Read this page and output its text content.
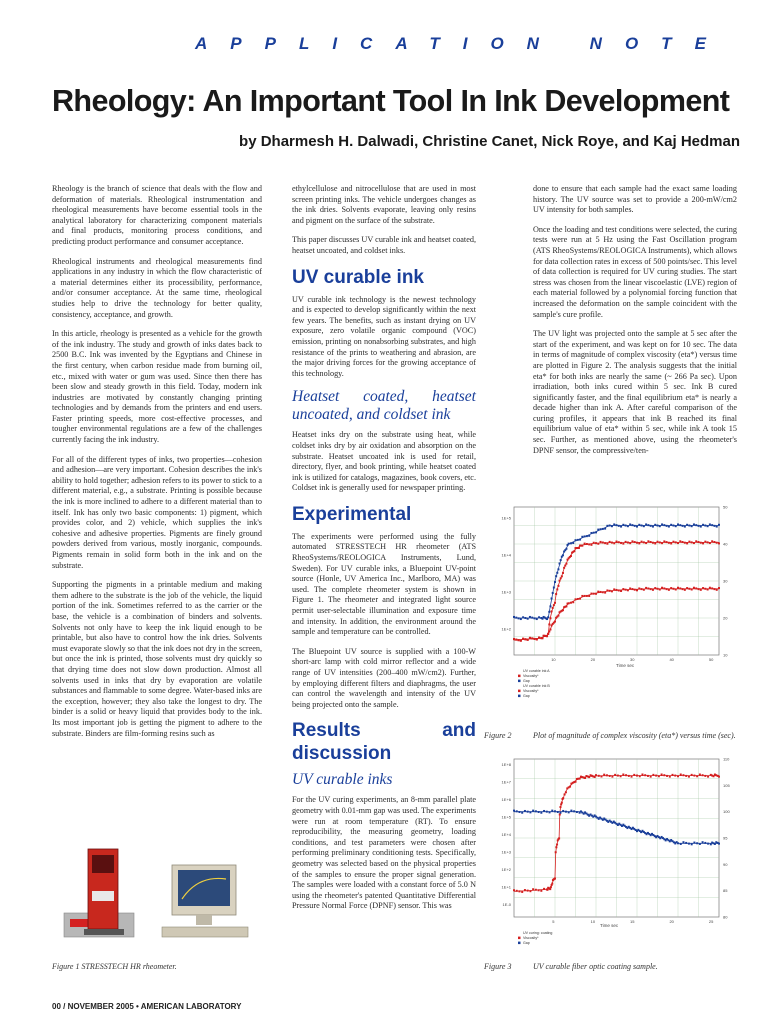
APPLICATION NOTE
Rheology: An Important Tool In Ink Development
by Dharmesh H. Dalwadi, Christine Canet, Nick Roye, and Kaj Hedman

Rheology is the branch of science that deals with the flow and deformation of materials. Rheological instrumentation and rheological measurements have become essential tools in the analytical laboratory for characterizing component materials and final products, monitoring process conditions, and predicting product performance and consumer acceptance.

Rheological instruments and rheological measurements find applications in any industry in which the flow characteristic of a material determines either its processibility, performance, and/or consumer acceptance. At the same time, rheological studies help to drive the technology for better quality, consistency, acceptance, and growth.

In this article, rheology is presented as a vehicle for the growth of the ink industry. The study and growth of inks dates back to 2500 B.C. Ink was invented by the Egyptians and Chinese in the first century, when carbon residue made from burning oil, etc., mixed with water or gum was used. Since then there has been slow and steady growth in this field. Today, modern ink industries are motivated by constantly changing printing technologies and by demands from the printers and end users. Faster printing speeds, more cost-effective processes, and tougher environmental regulations are a few of the challenges currently facing the ink industry.

For all of the different types of inks, two properties—cohesion and adhesion—are very important. Cohesion describes the ink's ability to hold together; adhesion refers to its power to stick to a different material, e.g., a substrate. Printing is possible because the ink is more inclined to adhere to a different material than to itself. Ink has only two basic components: 1) pigment, which provides color, and 2) vehicle, which supplies the ink's cohesive and adhesive properties. Pigments are finely ground powders derived from various, mostly inorganic, compounds. Pigments remain in solid form both in the ink and on the substrate.

Supporting the pigments in a printable medium and making them adhere to the substrate is the job of the vehicle, the liquid portion of the ink. Sometimes referred to as the carrier or the base, the vehicle is a combination of binders and solvents. Solvents not only have to keep the ink liquid enough to be printable, but also have to control how the ink dries. Solvents must evaporate slowly so that the ink does not dry in the screen, but once the ink is printed, those solvents must dry quickly so that drying time does not slow down production. Almost all solvents used in inks that dry by evaporation are volatile substances and flammable to some degree. Water-based inks are the exception, however; they also take the longest to dry. The binder is a solid or heavy liquid that provides body to the ink. Its most important job is getting the pigment to adhere to the substrate. Binders are film-forming resins such as

Figure 1 STRESSTECH HR rheometer.

ethylcellulose and nitrocellulose that are used in most screen printing inks. The vehicle undergoes changes as the ink dries. Solvents evaporate, leaving only resins and pigment on the surface of the substrate.

This paper discusses UV curable ink and heatset coated, heatset uncoated, and coldset inks.

UV curable ink

UV curable ink technology is the newest technology and is expected to develop significantly within the next few years. The benefits, such as instant drying on UV exposure, zero volatile organic compound (VOC) emission, printing on nonabsorbing substrates, and high resistance of the prints to weathering and abrasion, are the major driving forces for the growing acceptance of this technology.

Heatset coated, heatset uncoated, and coldset ink

Heatset inks dry on the substrate using heat, while coldset inks dry by air oxidation and absorption on the substrate. Heatset uncoated ink is used for retail, directory, flyer, and book printing, while heatset coated ink is utilized for catalogs, magazines, book covers, etc. Coldset ink is generally used for newspaper printing.

Experimental

The experiments were performed using the fully automated STRESSTECH HR rheometer (ATS RheoSystems/REOLOGICA Instruments, Lund, Sweden). For UV curable inks, a Bluepoint UV-point source (Honle, UV America Inc., Marlboro, MA) was used. The complete rheometer system is shown in Figure 1. The rheometer and integrated light source permit user-selectable illumination and exposure time and intensity. In addition, the environment around the sample and temperature can be controlled.

The Bluepoint UV source is supplied with a 100-W short-arc lamp with cold mirror reflector and a wide range of UV intensities (200–400 mW/cm2). Further, by employing different filters and diaphragms, the user can control the wavelength and intensity of the UV being projected onto the sample.

Results and discussion
UV curable inks

For the UV curing experiments, an 8-mm parallel plate geometry with 0.01-mm gap was used. The experiments were run at room temperature (RT). To ensure reproducibility, the measuring geometry, loading conditions, and test parameters were chosen after performing preliminary conditioning tests. Specifically, geometry was selected based on the physical properties of the samples to ensure the proper signal generation. The samples were loaded with a constant force of 5.0 N using the rheometer's patented Quantitative Differential Pressure Normal Force (DPNF) sensor. This was

done to ensure that each sample had the exact same loading history. The UV source was set to provide a 200-mW/cm2 UV intensity for both samples.

Once the loading and test conditions were selected, the curing tests were run at 5 Hz using the Fast Oscillation program (ATS RheoSystems/REOLOGICA Instruments), which allows for data collection rates in excess of 500 points/sec. This level of data collection is required for UV curing studies. The start stress was chosen from the linear viscoelastic (LVE) region of each material followed by a polynomial forcing function that increased the deformation on the sample coincident with the sample's cure profile.

The UV light was projected onto the sample at 5 sec after the start of the experiment, and was kept on for 10 sec. The data in terms of magnitude of complex viscosity (eta*) versus time are plotted in Figure 2. The analysis suggests that the initial eta* for both inks are nearly the same (~ 266 Pa sec). Upon irradiation, both inks cured within 5 sec. Ink B cured significantly faster, and the final equilibrium eta* is nearly a decade higher than ink A. After careful comparison of the curing profiles, it appears that ink B reached its final equilibrium value of eta* within 5 sec, while ink A took 15 sec. Further, as mentioned above, using the rheometer's DPNF sensor, the compressive/ten-

1E+5
1E+4
1E+3
1E+2
50
40
30
20
10
10	20	30	40	50
Time sec
UV curable ink A
Viscosity*
Gap
UV curable ink B
Viscosity*
Gap
Figure 2	Plot of magnitude of complex viscosity (eta*) versus time (sec).
1E+8
1E+7
1E+6
1E+5
1E+4
1E+3
1E+2
1E+1
1E-0
110
105
100
95
90
85
80
5	10	15	20	25
Time sec
UV curing: coating
Viscosity*
Gap
Figure 3	UV curable fiber optic coating sample.
00 / NOVEMBER 2005 • AMERICAN LABORATORY
